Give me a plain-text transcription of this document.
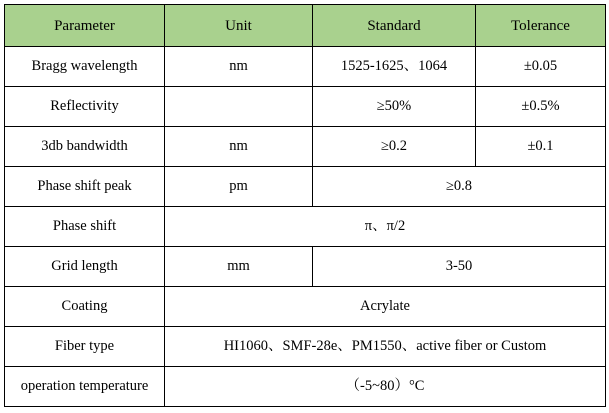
Parameter	Unit	Standard	Tolerance
Bragg wavelength	nm	1525-1625、1064	±0.05
Reflectivity		≥50%	±0.5%
3db bandwidth	nm	≥0.2	±0.1
Phase shift peak	pm	≥0.8	
Phase shift	π、π/2		
Grid length	mm	3-50	
Coating	Acrylate		
Fiber type	HI1060、SMF-28e、PM1550、active fiber or Custom		
operation temperature	（-5~80）°C		
